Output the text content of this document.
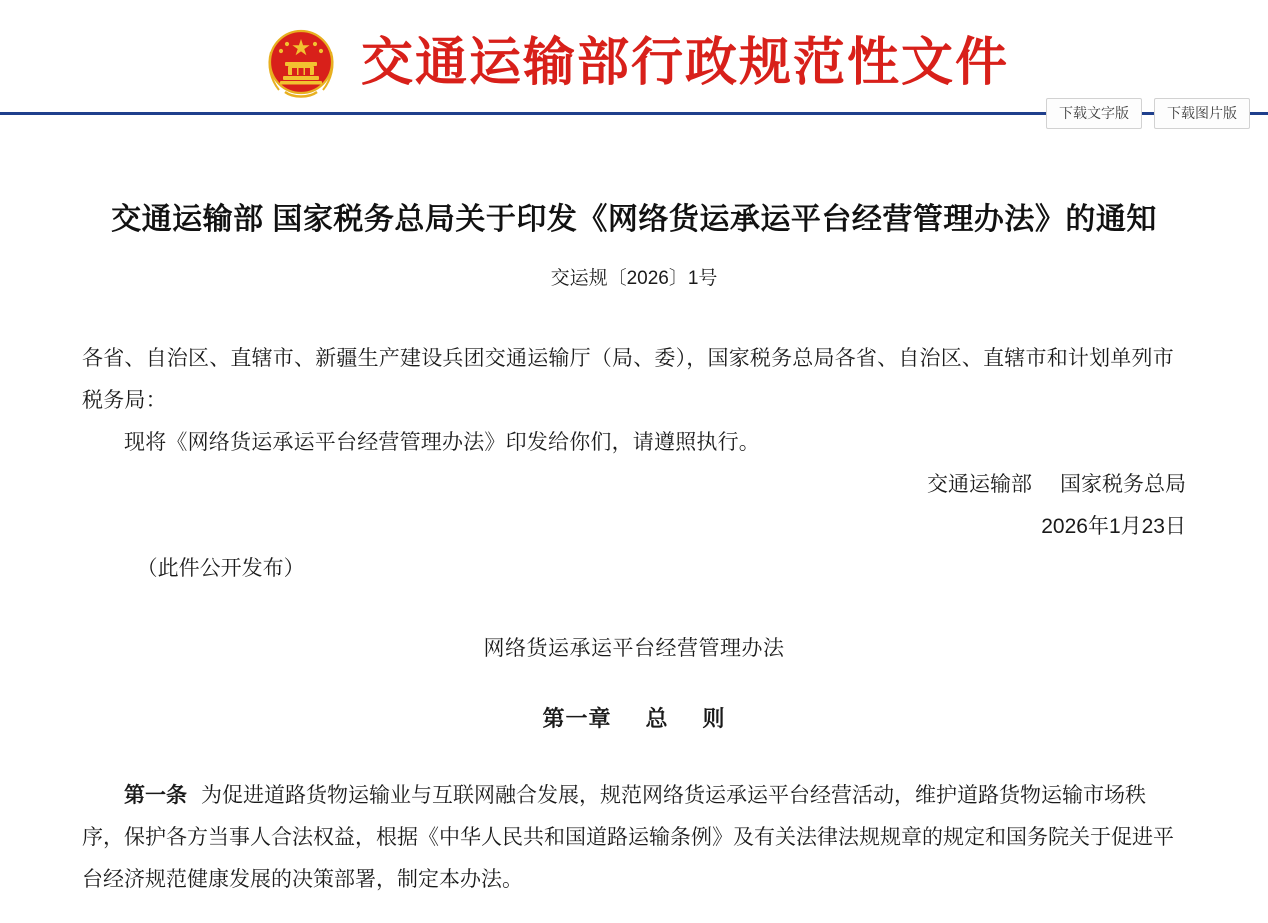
交通运输部行政规范性文件
下载文字版	下载图片版
交通运输部 国家税务总局关于印发《网络货运承运平台经营管理办法》的通知
交运规〔2026〕1号
各省、自治区、直辖市、新疆生产建设兵团交通运输厅（局、委），国家税务总局各省、自治区、直辖市和计划单列市税务局：
现将《网络货运承运平台经营管理办法》印发给你们，请遵照执行。
交通运输部 国家税务总局
2026年1月23日
（此件公开发布）
网络货运承运平台经营管理办法
第一章 总 则
第一条 为促进道路货物运输业与互联网融合发展，规范网络货运承运平台经营活动，维护道路货物运输市场秩序，保护各方当事人合法权益，根据《中华人民共和国道路运输条例》及有关法律法规规章的规定和国务院关于促进平台经济规范健康发展的决策部署，制定本办法。
